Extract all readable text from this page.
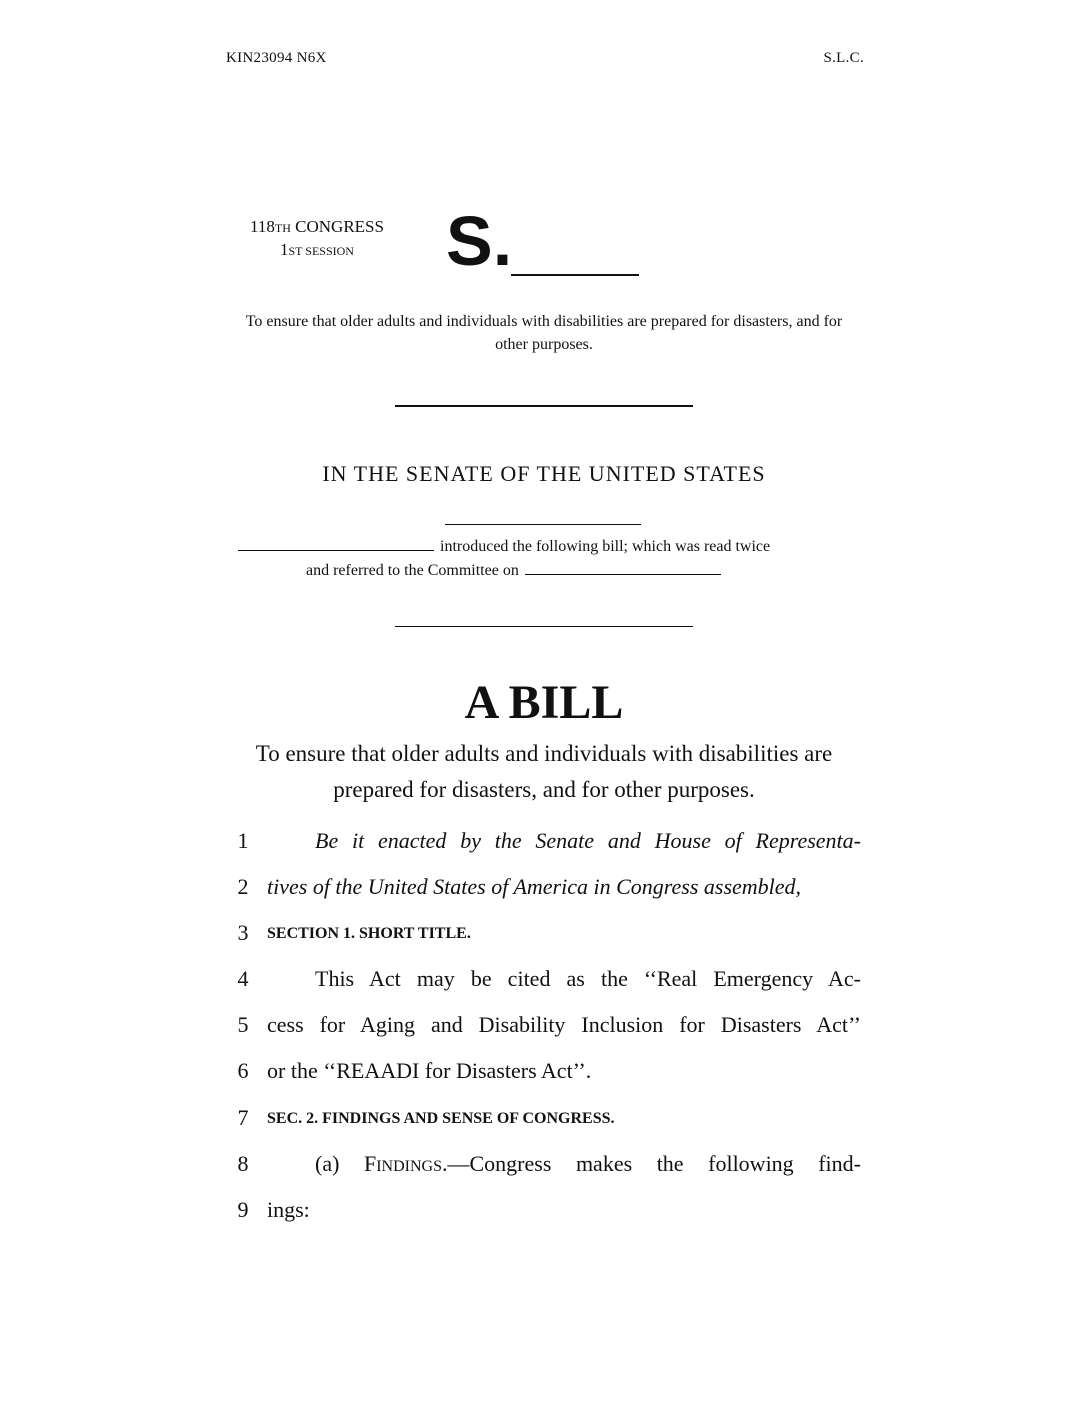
KIN23094 N6X	S.L.C.
118TH CONGRESS
1ST SESSION	S.
To ensure that older adults and individuals with disabilities are prepared for disasters, and for other purposes.
IN THE SENATE OF THE UNITED STATES
introduced the following bill; which was read twice
and referred to the Committee on
A BILL
To ensure that older adults and individuals with disabilities are prepared for disasters, and for other purposes.
1	Be it enacted by the Senate and House of Representa-
2 tives of the United States of America in Congress assembled,
3	SECTION 1. SHORT TITLE.
4	This Act may be cited as the ‘‘Real Emergency Ac-
5 cess for Aging and Disability Inclusion for Disasters Act’’
6 or the ‘‘REAADI for Disasters Act’’.
7	SEC. 2. FINDINGS AND SENSE OF CONGRESS.
8	(a) FINDINGS.—Congress makes the following find-
9 ings:
